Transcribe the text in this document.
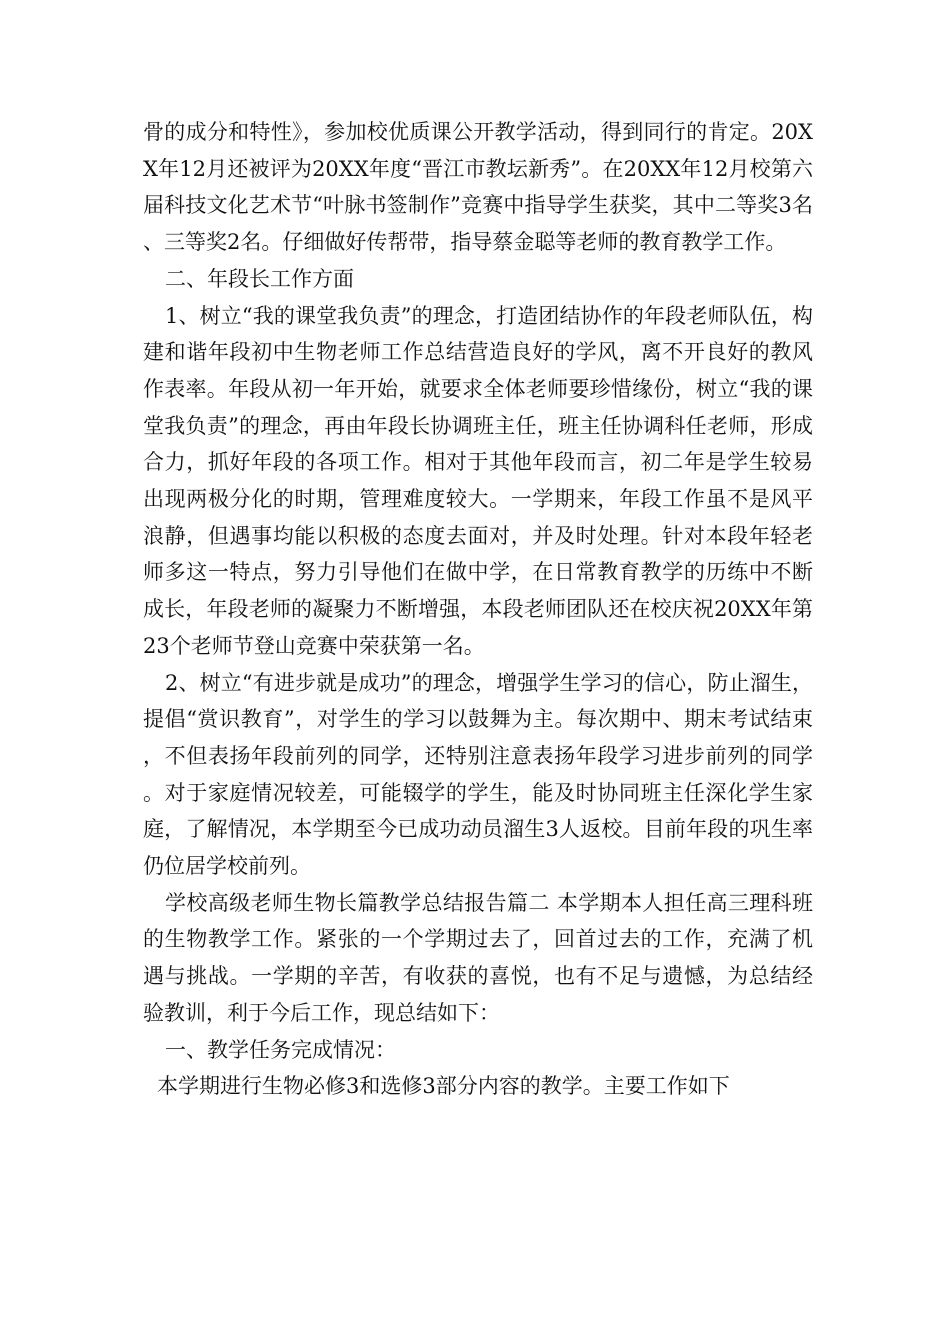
骨的成分和特性》，参加校优质课公开教学活动，得到同行的肯定。20XX年12月还被评为20XX年度“晋江市教坛新秀”。在20XX年12月校第六届科技文化艺术节“叶脉书签制作”竞赛中指导学生获奖，其中二等奖3名、三等奖2名。仔细做好传帮带，指导蔡金聪等老师的教育教学工作。

二、年段长工作方面

1、树立“我的课堂我负责”的理念，打造团结协作的年段老师队伍，构建和谐年段初中生物老师工作总结营造良好的学风，离不开良好的教风作表率。年段从初一年开始，就要求全体老师要珍惜缘份，树立“我的课堂我负责”的理念，再由年段长协调班主任，班主任协调科任老师，形成合力，抓好年段的各项工作。相对于其他年段而言，初二年是学生较易出现两极分化的时期，管理难度较大。一学期来，年段工作虽不是风平浪静，但遇事均能以积极的态度去面对，并及时处理。针对本段年轻老师多这一特点，努力引导他们在做中学，在日常教育教学的历练中不断成长，年段老师的凝聚力不断增强，本段老师团队还在校庆祝20XX年第23个老师节登山竞赛中荣获第一名。

2、树立“有进步就是成功”的理念，增强学生学习的信心，防止溜生，提倡“赏识教育”，对学生的学习以鼓舞为主。每次期中、期末考试结束，不但表扬年段前列的同学，还特别注意表扬年段学习进步前列的同学。对于家庭情况较差，可能辍学的学生，能及时协同班主任深化学生家庭，了解情况，本学期至今已成功动员溜生3人返校。目前年段的巩生率仍位居学校前列。

学校高级老师生物长篇教学总结报告篇二 本学期本人担任高三理科班的生物教学工作。紧张的一个学期过去了，回首过去的工作，充满了机遇与挑战。一学期的辛苦，有收获的喜悦，也有不足与遗憾，为总结经验教训，利于今后工作，现总结如下：

一、教学任务完成情况：

本学期进行生物必修3和选修3部分内容的教学。主要工作如下
